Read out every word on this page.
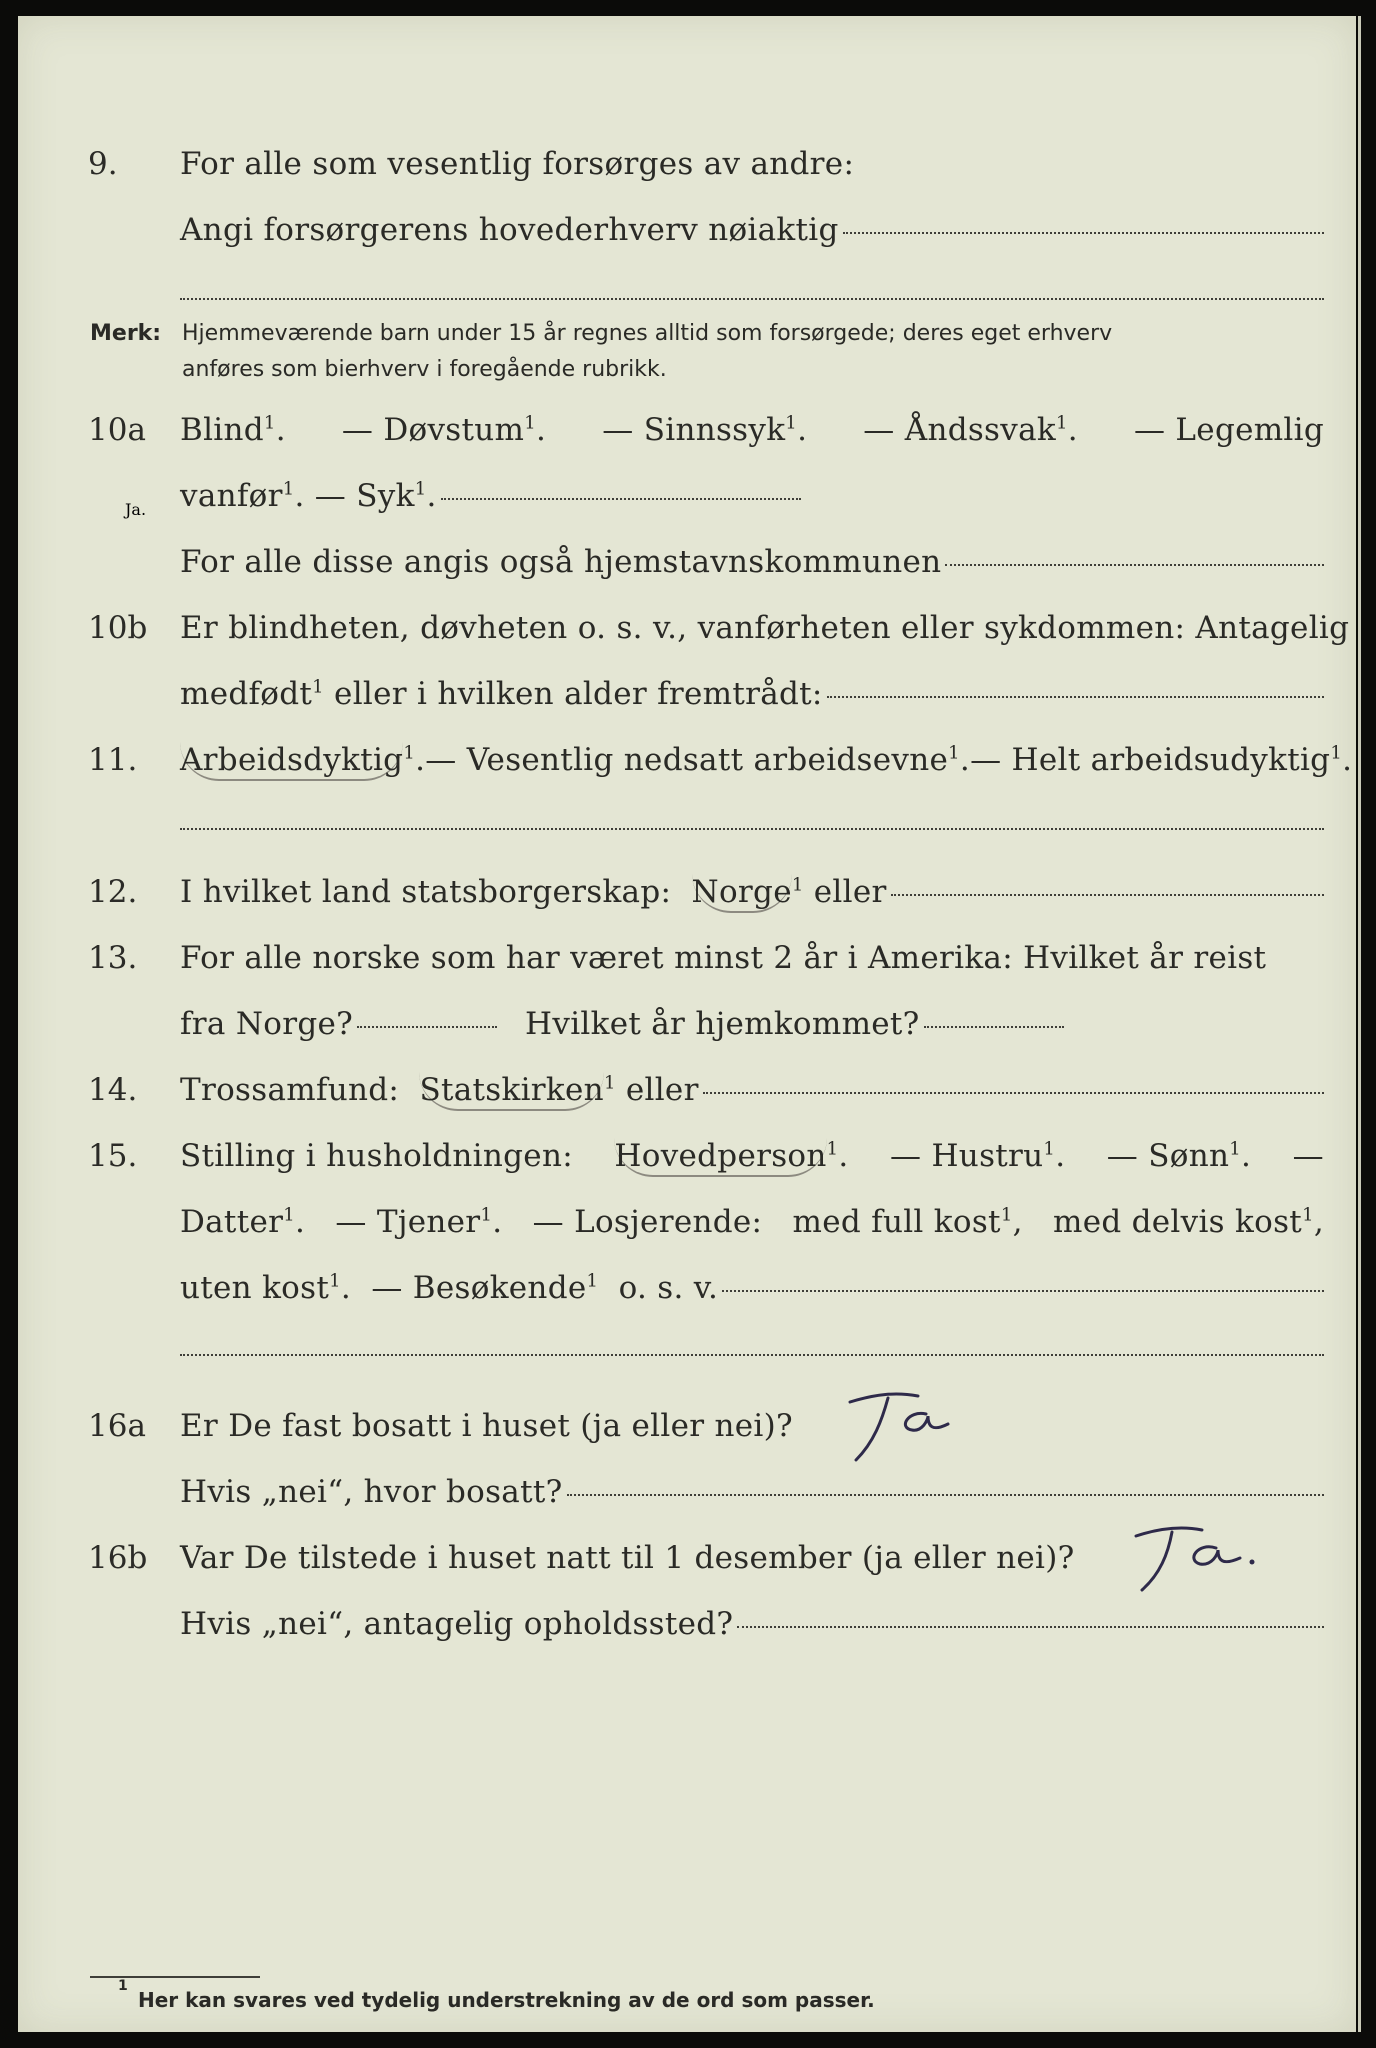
9. For alle som vesentlig forsørges av andre:
Angi forsørgerens hovederhverv nøiaktig
Merk: Hjemmeværende barn under 15 år regnes alltid som forsørgede; deres eget erhverv
anføres som bierhverv i foregående rubrikk.
10a Blind$^1$. — Døvstum$^1$. — Sinnssyk$^1$. — Åndssvak$^1$. — Legemlig
vanfør$^1$. — Syk$^1$.
For alle disse angis også hjemstavnskommunen
10b Er blindheten, døvheten o. s. v., vanførheten eller sykdommen: Antagelig
medfødt$^1$ eller i hvilken alder fremtrådt:
11. Arbeidsdyktig$^1$. — Vesentlig nedsatt arbeidsevne$^1$. — Helt arbeidsudyktig$^1$.
12. I hvilket land statsborgerskap:
Norge$^1$
eller
13. For alle norske som har været minst 2 år i Amerika: Hvilket år reist
fra Norge?	Hvilket år hjemkommet?
14. Trossamfund:
Statskirken$^1$
eller
15. Stilling i husholdningen: Hovedperson$^1$. — Hustru$^1$. — Sønn$^1$. —
Datter$^1$. — Tjener$^1$. — Losjerende: med full kost$^1$, med delvis kost$^1$,
uten kost$^1$. — Besøkende$^1$ o. s. v.
16a Er De fast bosatt i huset (ja eller nei)?
Hvis „nei“, hvor bosatt?
16b Var De tilstede i huset natt til 1 desember (ja eller nei)?
Ja.
Hvis „nei“, antagelig opholdssted?
1
Her kan svares ved tydelig understrekning av de ord som passer.
